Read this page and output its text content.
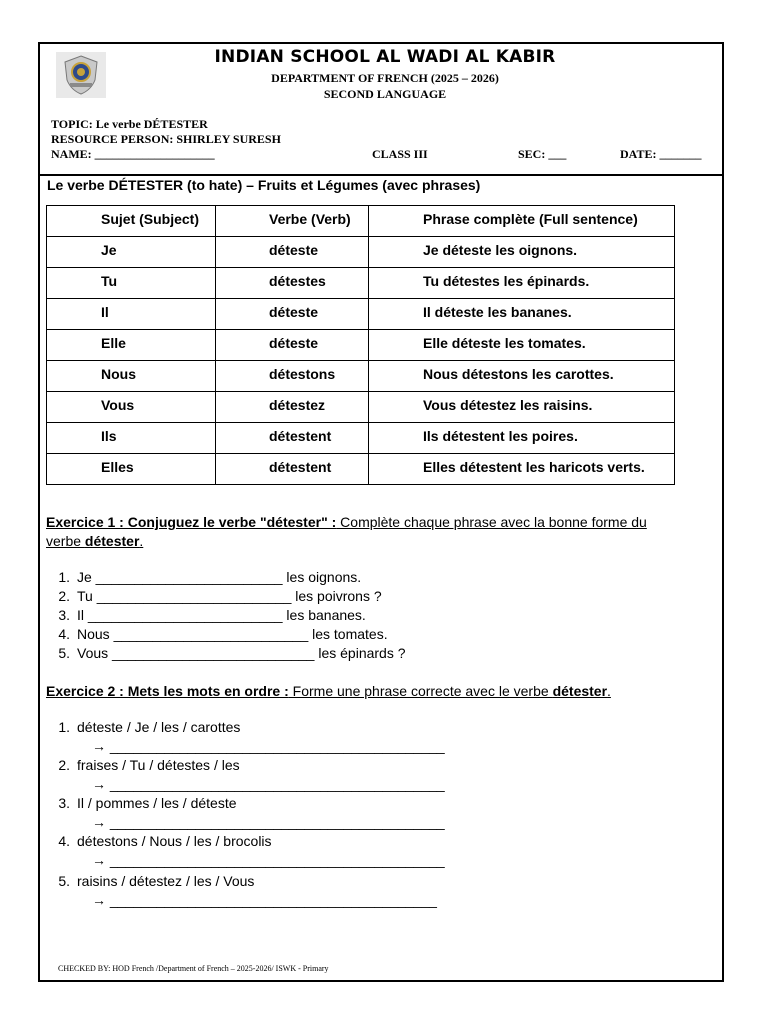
INDIAN SCHOOL AL WADI AL KABIR
DEPARTMENT OF FRENCH (2025 – 2026)
SECOND LANGUAGE
TOPIC: Le verbe DÉTESTER
RESOURCE PERSON: SHIRLEY SURESH
NAME: ____________________	CLASS III	SEC: ___	DATE: _______
Le verbe DÉTESTER (to hate) – Fruits et Légumes (avec phrases)
Sujet (Subject)	Verbe (Verb)	Phrase complète (Full sentence)
Je	déteste	Je déteste les oignons.
Tu	détestes	Tu détestes les épinards.
Il	déteste	Il déteste les bananes.
Elle	déteste	Elle déteste les tomates.
Nous	détestons	Nous détestons les carottes.
Vous	détestez	Vous détestez les raisins.
Ils	détestent	Ils détestent les poires.
Elles	détestent	Elles détestent les haricots verts.
Exercice 1 : Conjuguez le verbe "détester" : Complète chaque phrase avec la bonne forme du
verbe détester.
1. Je ________________________ les oignons.
2. Tu _________________________ les poivrons ?
3. Il _________________________ les bananes.
4. Nous _________________________ les tomates.
5. Vous __________________________ les épinards ?
Exercice 2 : Mets les mots en ordre : Forme une phrase correcte avec le verbe détester.
1. déteste / Je / les / carottes
→ ___________________________________________
2. fraises / Tu / détestes / les
→ ___________________________________________
3. Il / pommes / les / déteste
→ ___________________________________________
4. détestons / Nous / les / brocolis
→ ___________________________________________
5. raisins / détestez / les / Vous
→ __________________________________________
CHECKED BY: HOD French /Department of French – 2025-2026/ ISWK - Primary
